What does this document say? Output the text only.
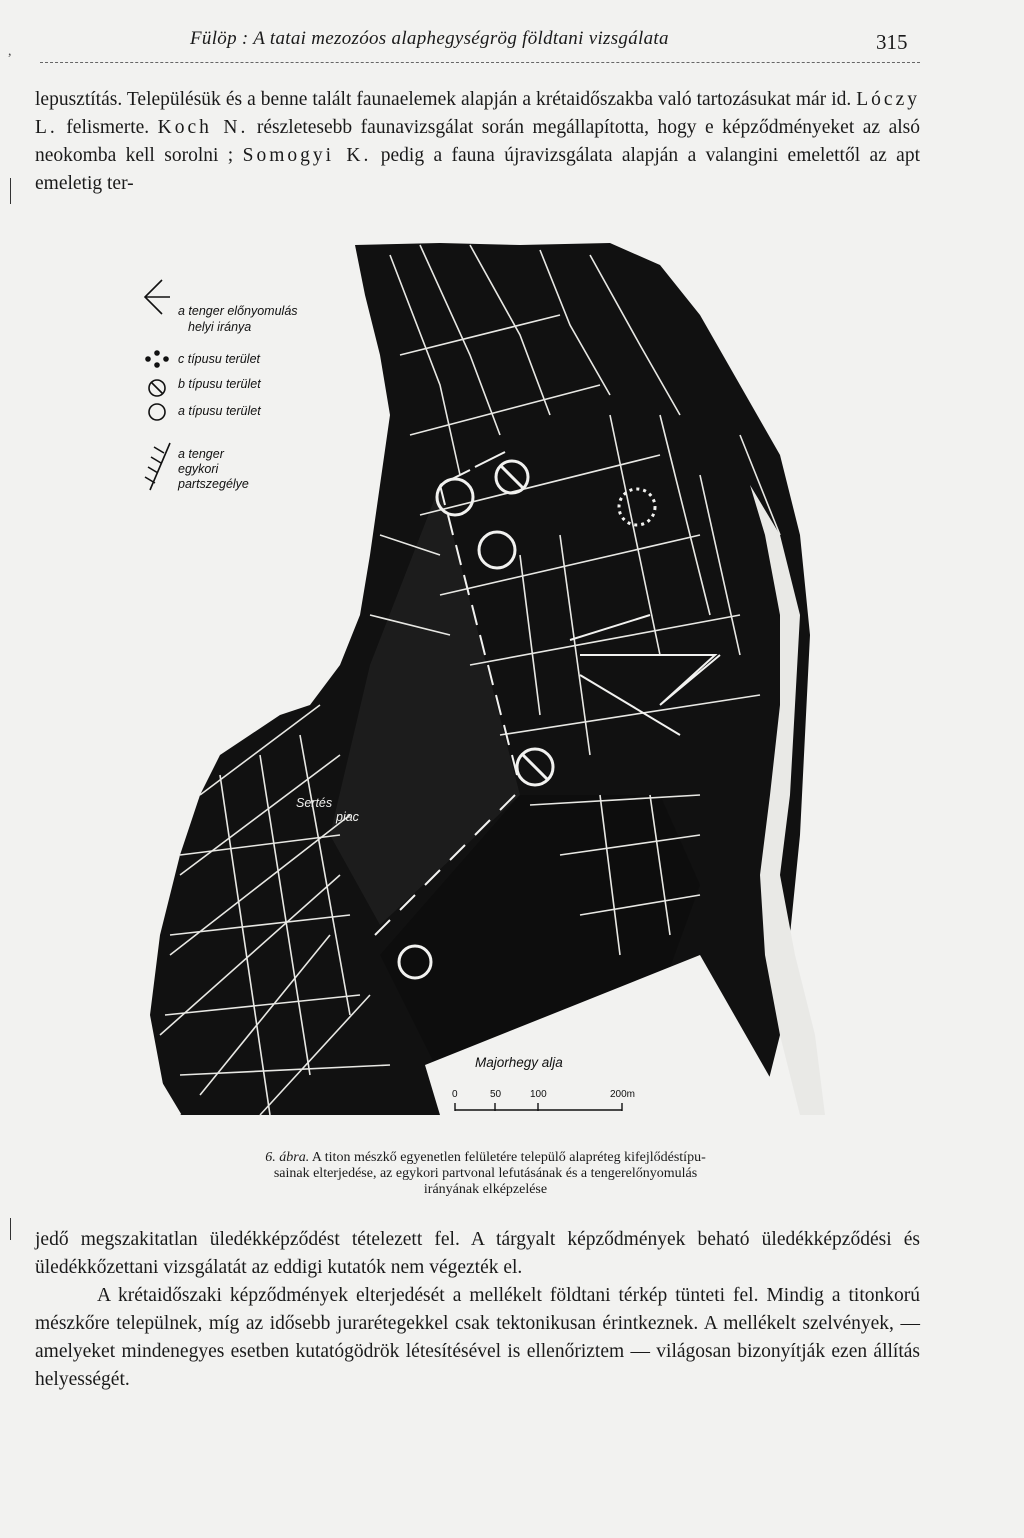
Fülöp : A tatai mezozóos alaphegységrög földtani vizsgálata	315
,

lepusztítás. Településük és a benne talált faunaelemek alapján a krétaidőszakba való tartozásukat már id. Lóczy L. felismerte. Koch N. részletesebb faunavizsgálat során megállapította, hogy e képződményeket az alsó neokomba kell sorolni ; Somogyi K. pedig a fauna újravizsgálata alapján a valangini emelettől az apt emeletig ter-

a tenger előnyomulás
helyi iránya
c típusu terület
b típusu terület
a típusu terület
a tenger
egykori
partszegélye
Fő tér
Sertés
piac
Majorhegy alja
0	50	100	200m
6. ábra. A titon mészkő egyenetlen felületére települő alapréteg kifejlődéstípu-
sainak elterjedése, az egykori partvonal lefutásának és a tengerelőnyomulás
irányának elképzelése

jedő megszakitatlan üledékképződést tételezett fel. A tárgyalt képződmények beható üledékképződési és üledékkőzettani vizsgálatát az eddigi kutatók nem végezték el.

A krétaidőszaki képződmények elterjedését a mellékelt földtani térkép tünteti fel. Mindig a titonkorú mészkőre települnek, míg az idősebb jurarétegekkel csak tektonikusan érintkeznek. A mellékelt szelvények, — amelyeket mindenegyes esetben kutatógödrök létesítésével is ellenőriztem — világosan bizonyítják ezen állítás helyességét.
